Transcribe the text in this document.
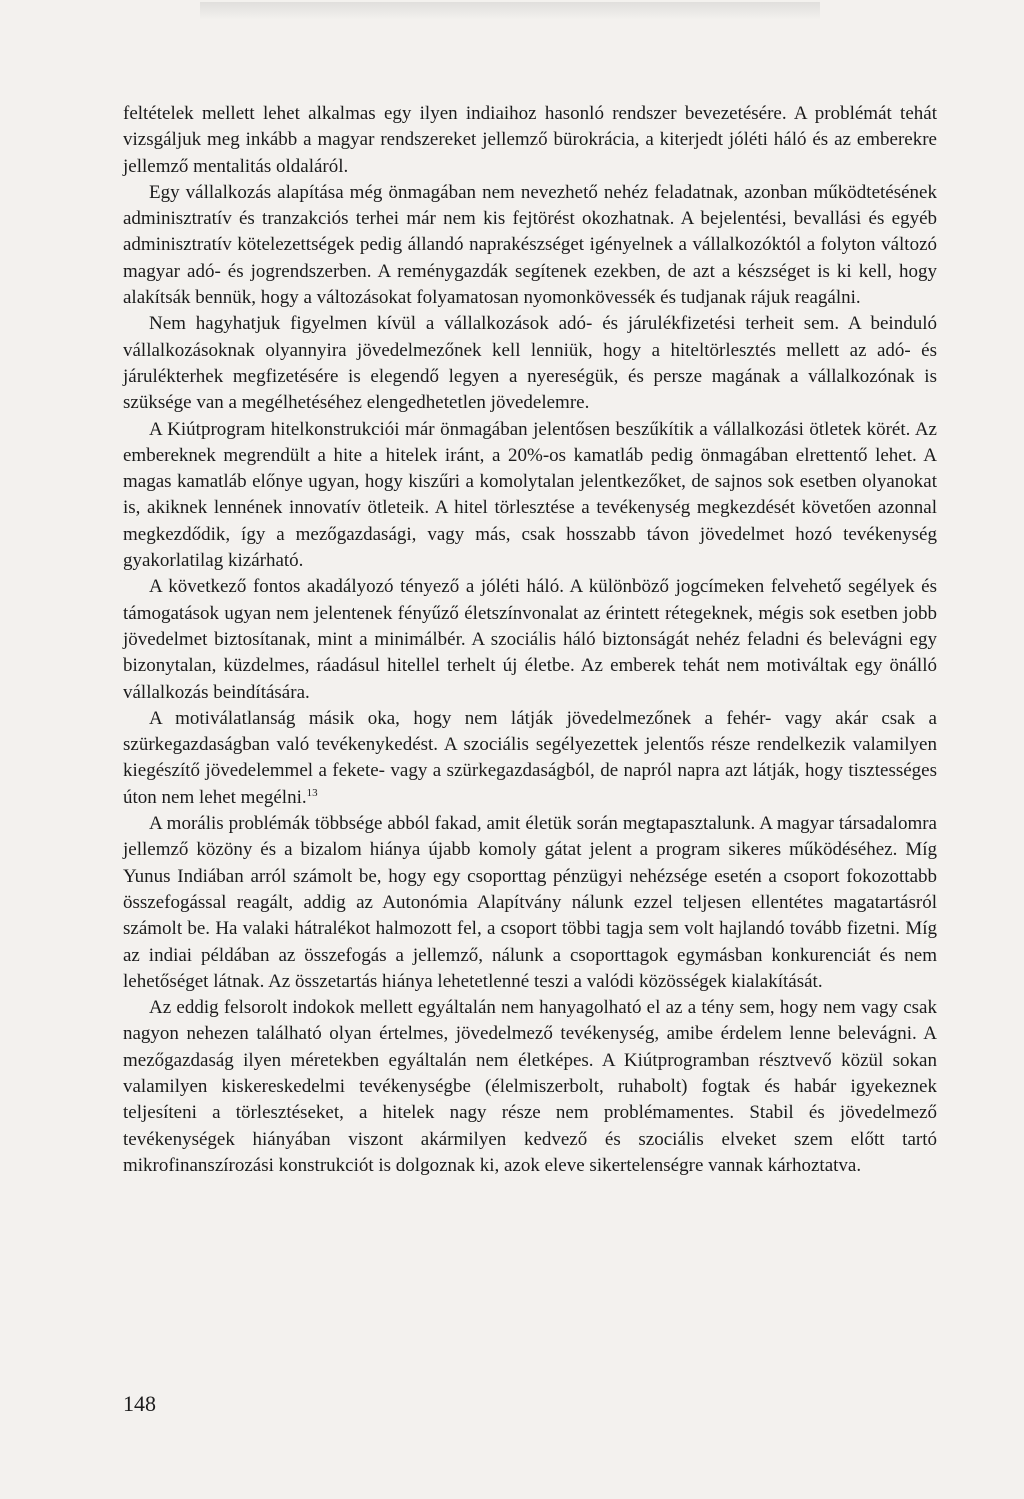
feltételek mellett lehet alkalmas egy ilyen indiaihoz hasonló rendszer bevezetésére. A problémát tehát vizsgáljuk meg inkább a magyar rendszereket jellemző bürokrácia, a kiterjedt jóléti háló és az emberekre jellemző mentalitás oldaláról.

Egy vállalkozás alapítása még önmagában nem nevezhető nehéz feladatnak, azonban működtetésének adminisztratív és tranzakciós terhei már nem kis fejtörést okozhatnak. A bejelentési, bevallási és egyéb adminisztratív kötelezettségek pedig állandó naprakészséget igényelnek a vállalkozóktól a folyton változó magyar adó- és jogrendszerben. A reménygazdák segítenek ezekben, de azt a készséget is ki kell, hogy alakítsák bennük, hogy a változásokat folyamatosan nyomonkövessék és tudjanak rájuk reagálni.

Nem hagyhatjuk figyelmen kívül a vállalkozások adó- és járulékfizetési terheit sem. A beinduló vállalkozásoknak olyannyira jövedelmezőnek kell lenniük, hogy a hiteltörlesztés mellett az adó- és járulékterhek megfizetésére is elegendő legyen a nyereségük, és persze magának a vállalkozónak is szüksége van a megélhetéséhez elengedhetetlen jövedelemre.

A Kiútprogram hitelkonstrukciói már önmagában jelentősen beszűkítik a vállalkozási ötletek körét. Az embereknek megrendült a hite a hitelek iránt, a 20%-os kamatláb pedig önmagában elrettentő lehet. A magas kamatláb előnye ugyan, hogy kiszűri a komolytalan jelentkezőket, de sajnos sok esetben olyanokat is, akiknek lennének innovatív ötleteik. A hitel törlesztése a tevékenység megkezdését követően azonnal megkezdődik, így a mezőgazdasági, vagy más, csak hosszabb távon jövedelmet hozó tevékenység gyakorlatilag kizárható.

A következő fontos akadályozó tényező a jóléti háló. A különböző jogcímeken felvehető segélyek és támogatások ugyan nem jelentenek fényűző életszínvonalat az érintett rétegeknek, mégis sok esetben jobb jövedelmet biztosítanak, mint a minimálbér. A szociális háló biztonságát nehéz feladni és belevágni egy bizonytalan, küzdelmes, ráadásul hitellel terhelt új életbe. Az emberek tehát nem motiváltak egy önálló vállalkozás beindítására.

A motiválatlanság másik oka, hogy nem látják jövedelmezőnek a fehér- vagy akár csak a szürkegazdaságban való tevékenykedést. A szociális segélyezettek jelentős része rendelkezik valamilyen kiegészítő jövedelemmel a fekete- vagy a szürkegazdaságból, de napról napra azt látják, hogy tisztességes úton nem lehet megélni.$^{13}$

A morális problémák többsége abból fakad, amit életük során megtapasztalunk. A magyar társadalomra jellemző közöny és a bizalom hiánya újabb komoly gátat jelent a program sikeres működéséhez. Míg Yunus Indiában arról számolt be, hogy egy csoporttag pénzügyi nehézsége esetén a csoport fokozottabb összefogással reagált, addig az Autonómia Alapítvány nálunk ezzel teljesen ellentétes magatartásról számolt be. Ha valaki hátralékot halmozott fel, a csoport többi tagja sem volt hajlandó tovább fizetni. Míg az indiai példában az összefogás a jellemző, nálunk a csoporttagok egymásban konkurenciát és nem lehetőséget látnak. Az összetartás hiánya lehetetlenné teszi a valódi közösségek kialakítását.

Az eddig felsorolt indokok mellett egyáltalán nem hanyagolható el az a tény sem, hogy nem vagy csak nagyon nehezen található olyan értelmes, jövedelmező tevékenység, amibe érdelem lenne belevágni. A mezőgazdaság ilyen méretekben egyáltalán nem életképes. A Kiútprogramban résztvevő közül sokan valamilyen kiskereskedelmi tevékenységbe (élelmiszerbolt, ruhabolt) fogtak és habár igyekeznek teljesíteni a törlesztéseket, a hitelek nagy része nem problémamentes. Stabil és jövedelmező tevékenységek hiányában viszont akármilyen kedvező és szociális elveket szem előtt tartó mikrofinanszírozási konstrukciót is dolgoznak ki, azok eleve sikertelenségre vannak kárhoztatva.

148
